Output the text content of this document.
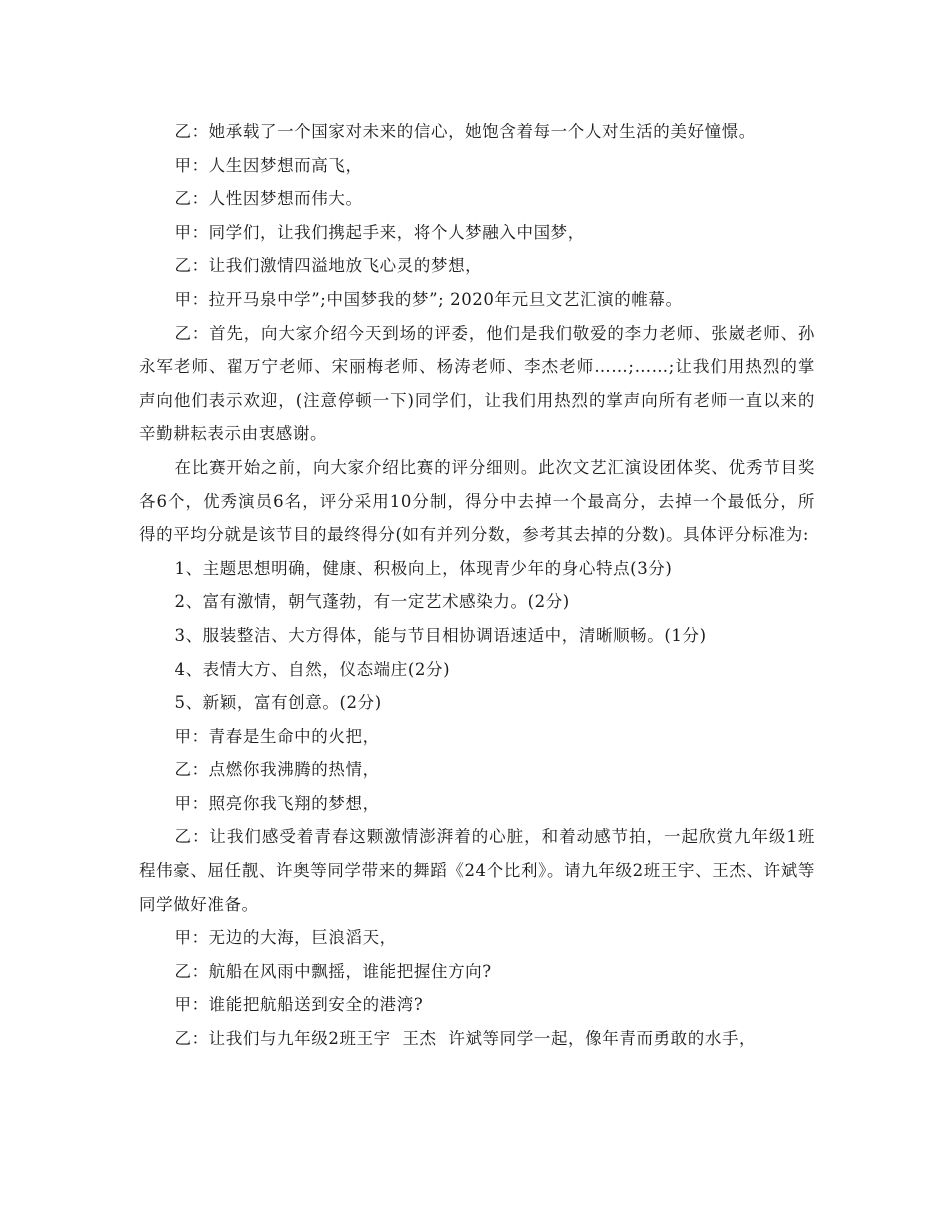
乙：她承载了一个国家对未来的信心，她饱含着每一个人对生活的美好憧憬。

甲：人生因梦想而高飞，

乙：人性因梦想而伟大。

甲：同学们，让我们携起手来，将个人梦融入中国梦，

乙：让我们激情四溢地放飞心灵的梦想，

甲：拉开马泉中学”;中国梦我的梦”; 2020年元旦文艺汇演的帷幕。

乙：首先，向大家介绍今天到场的评委，他们是我们敬爱的李力老师、张崴老师、孙永军老师、翟万宁老师、宋丽梅老师、杨涛老师、李杰老师……;……;让我们用热烈的掌声向他们表示欢迎，(注意停顿一下)同学们，让我们用热烈的掌声向所有老师一直以来的辛勤耕耘表示由衷感谢。

在比赛开始之前，向大家介绍比赛的评分细则。此次文艺汇演设团体奖、优秀节目奖各6个，优秀演员6名，评分采用10分制，得分中去掉一个最高分，去掉一个最低分，所得的平均分就是该节目的最终得分(如有并列分数，参考其去掉的分数)。具体评分标准为:

1、主题思想明确，健康、积极向上，体现青少年的身心特点(3分)

2、富有激情，朝气蓬勃，有一定艺术感染力。(2分)

3、服装整洁、大方得体，能与节目相协调语速适中，清晰顺畅。(1分)

4、表情大方、自然，仪态端庄(2分)

5、新颖，富有创意。(2分)

甲：青春是生命中的火把，

乙：点燃你我沸腾的热情，

甲：照亮你我飞翔的梦想，

乙：让我们感受着青春这颗激情澎湃着的心脏，和着动感节拍，一起欣赏九年级1班程伟豪、屈任靓、许奥等同学带来的舞蹈《24个比利》。请九年级2班王宇、王杰、许斌等同学做好准备。

甲：无边的大海，巨浪滔天，

乙：航船在风雨中飘摇，谁能把握住方向?

甲：谁能把航船送到安全的港湾?

乙：让我们与九年级2班王宇  王杰  许斌等同学一起，像年青而勇敢的水手，
